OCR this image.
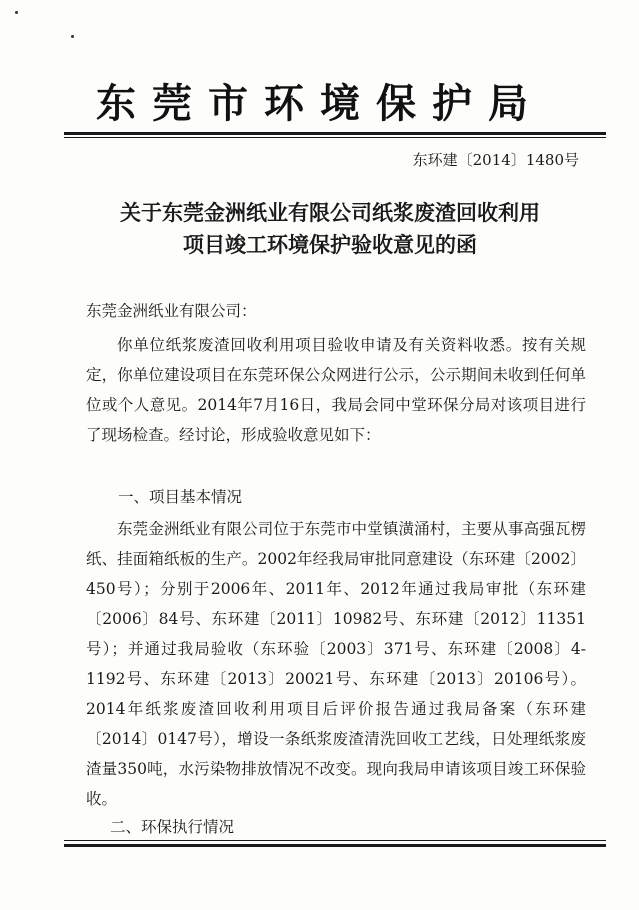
东莞市环境保护局
东环建〔2014〕1480号
关于东莞金洲纸业有限公司纸浆废渣回收利用
项目竣工环境保护验收意见的函
东莞金洲纸业有限公司：
你单位纸浆废渣回收利用项目验收申请及有关资料收悉。按有关规定，你单位建设项目在东莞环保公众网进行公示，公示期间未收到任何单位或个人意见。2014年7月16日，我局会同中堂环保分局对该项目进行了现场检查。经讨论，形成验收意见如下：
一、项目基本情况
东莞金洲纸业有限公司位于东莞市中堂镇潢涌村，主要从事高强瓦楞纸、挂面箱纸板的生产。2002年经我局审批同意建设（东环建〔2002〕450号）；分别于2006年、2011年、2012年通过我局审批（东环建〔2006〕84号、东环建〔2011〕10982号、东环建〔2012〕11351号）；并通过我局验收（东环验〔2003〕371号、东环建〔2008〕4-1192号、东环建〔2013〕20021号、东环建〔2013〕20106号）。2014年纸浆废渣回收利用项目后评价报告通过我局备案（东环建〔2014〕0147号），增设一条纸浆废渣清洗回收工艺线，日处理纸浆废渣量350吨，水污染物排放情况不改变。现向我局申请该项目竣工环保验收。
二、环保执行情况
